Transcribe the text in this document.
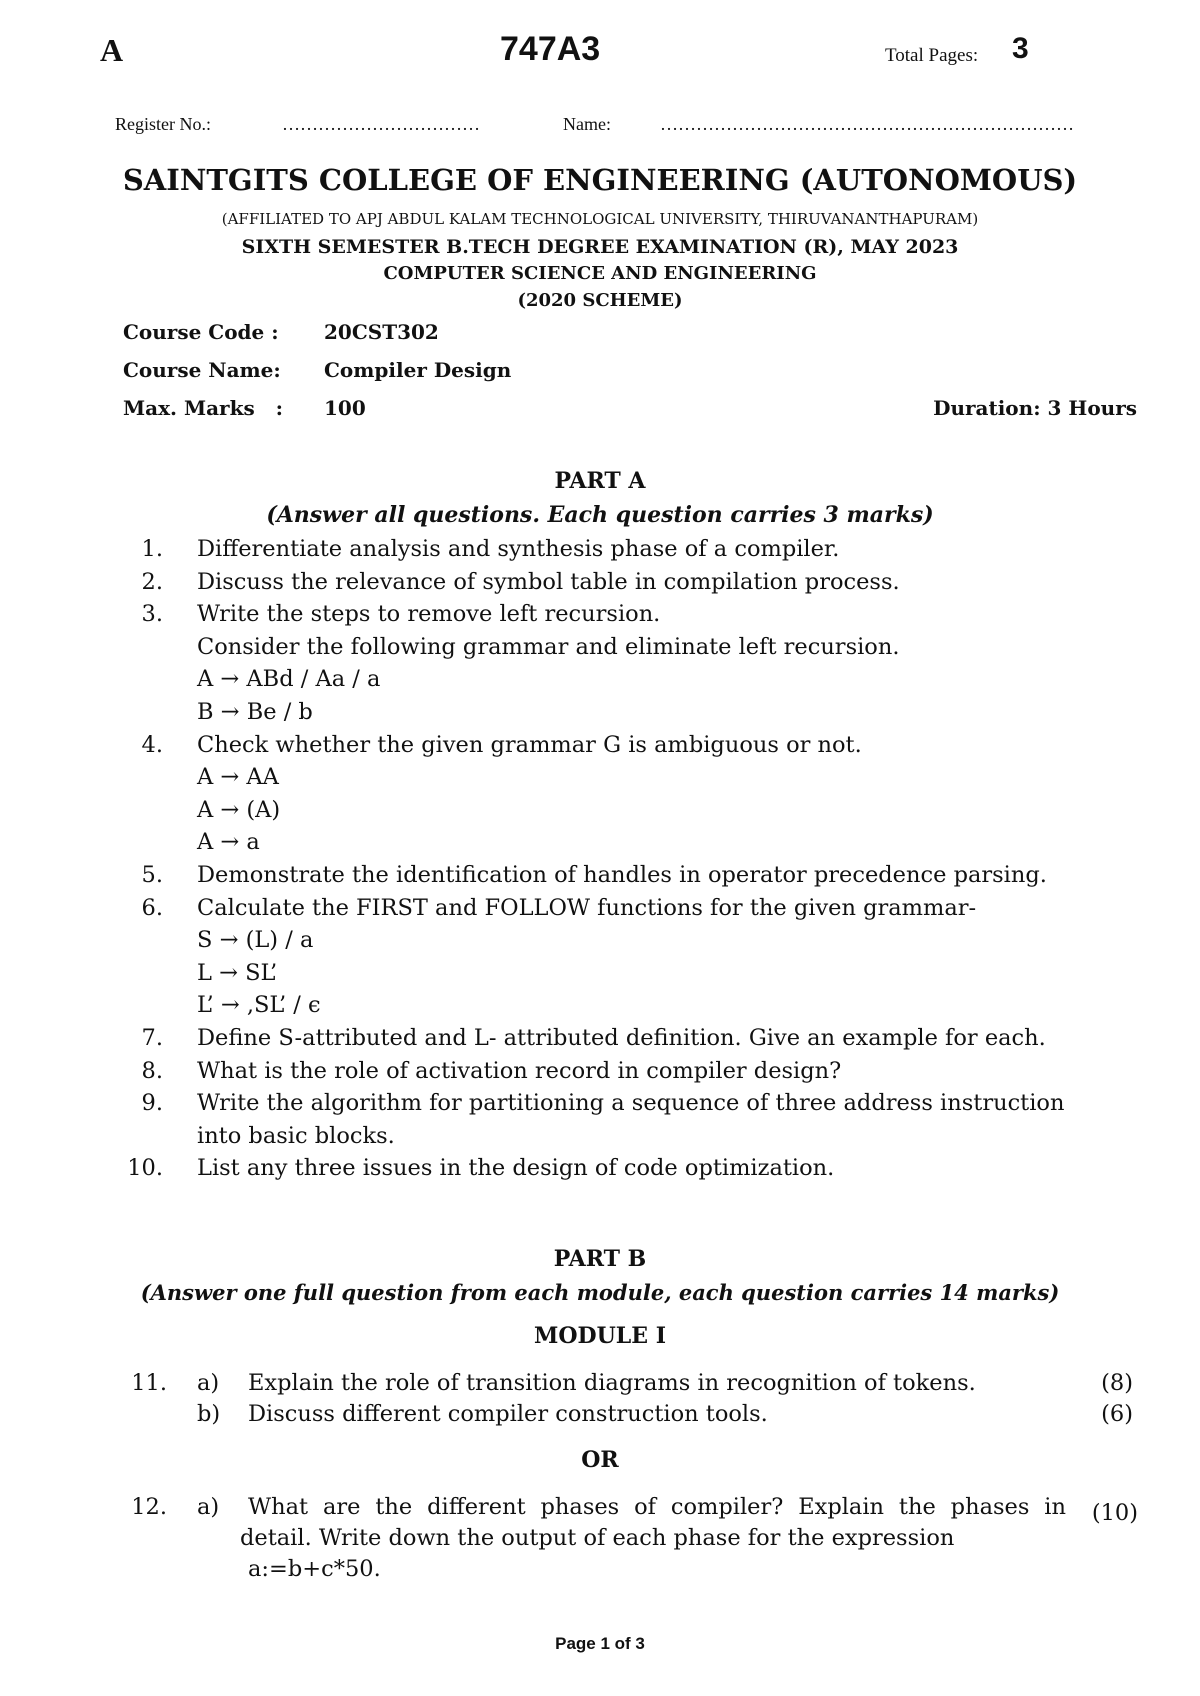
A	747A3	Total Pages: 3
Register No.:	……………………………	Name:	……………………………………………………………
SAINTGITS COLLEGE OF ENGINEERING (AUTONOMOUS)
(AFFILIATED TO APJ ABDUL KALAM TECHNOLOGICAL UNIVERSITY, THIRUVANANTHAPURAM)
SIXTH SEMESTER B.TECH DEGREE EXAMINATION (R), MAY 2023
COMPUTER SCIENCE AND ENGINEERING
(2020 SCHEME)
Course Code : 20CST302
Course Name: Compiler Design
Max. Marks   : 100	Duration: 3 Hours
PART A
(Answer all questions. Each question carries 3 marks)
1. Differentiate analysis and synthesis phase of a compiler.
2. Discuss the relevance of symbol table in compilation process.
3. Write the steps to remove left recursion.
Consider the following grammar and eliminate left recursion.
A → ABd / Aa / a
B → Be / b
4. Check whether the given grammar G is ambiguous or not.
A → AA
A → (A)
A → a
5. Demonstrate the identification of handles in operator precedence parsing.
6. Calculate the FIRST and FOLLOW functions for the given grammar-
S → (L) / a
L → SL’
L’ → ,SL’ / ϵ
7. Define S-attributed and L- attributed definition. Give an example for each.
8. What is the role of activation record in compiler design?
9. Write the algorithm for partitioning a sequence of three address instruction
into basic blocks.
10. List any three issues in the design of code optimization.
PART B
(Answer one full question from each module, each question carries 14 marks)
MODULE I
11. a) Explain the role of transition diagrams in recognition of tokens.	(8)
b) Discuss different compiler construction tools.	(6)
OR
12. a) What are the different phases of compiler? Explain the phases in
detail. Write down the output of each phase for the expression
a:=b+c*50.
(10)
Page 1 of 3
